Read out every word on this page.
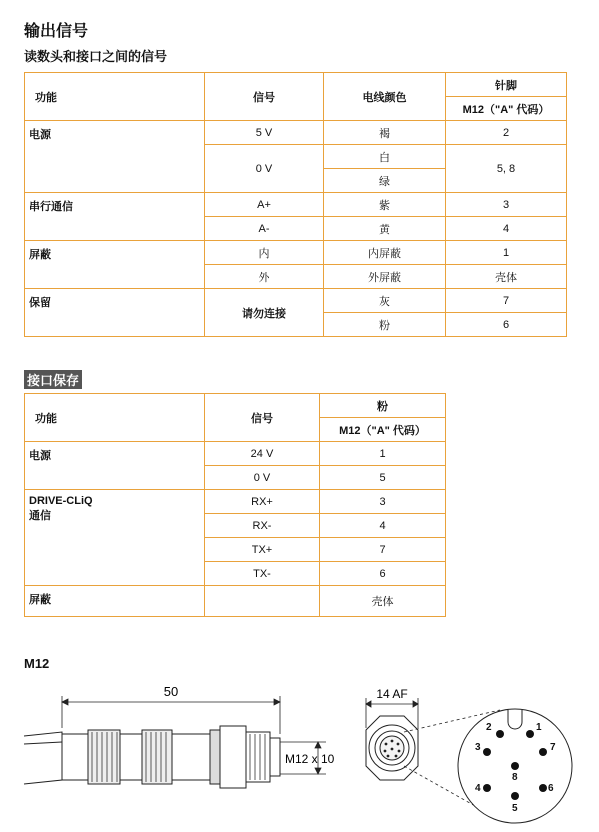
输出信号
读数头和接口之间的信号
功能	信号	电线颜色	针脚
			M12（"A" 代码）
电源	5 V	褐	2
	0 V	白	5, 8
		绿	
串行通信	A+	紫	3
	A-	黄	4
屏蔽	内	内屏蔽	1
	外	外屏蔽	壳体
保留	请勿连接	灰	7
		粉	6
接口保存
功能	信号	粉
		M12（"A" 代码）
电源	24 V	1
	0 V	5
DRIVE-CLiQ
通信	RX+	3
	RX-	4
	TX+	7
	TX-	6
屏蔽		壳体
M12
50
M12 x 10
14 AF
1
2
3
4
5
6
7
8
